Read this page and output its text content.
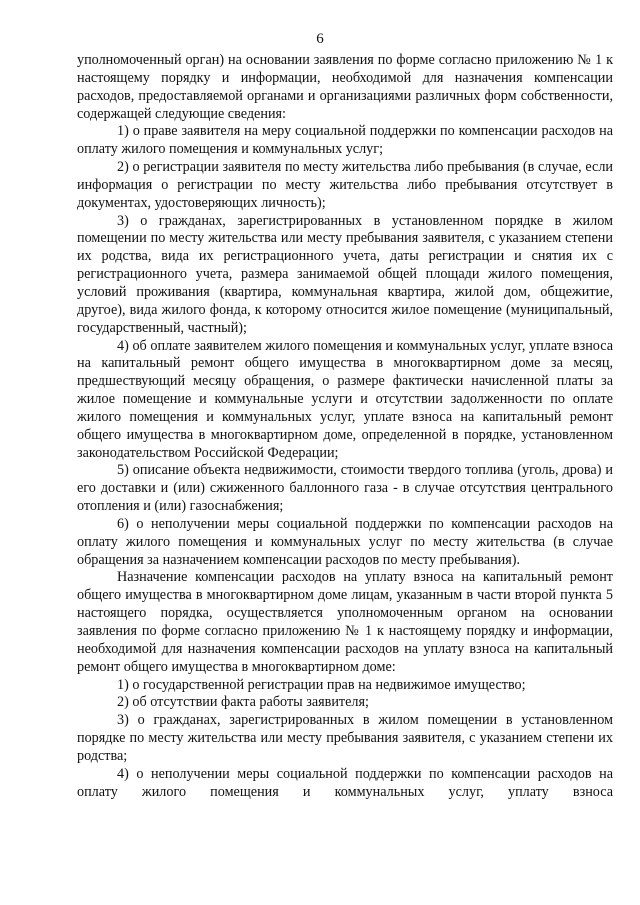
6

уполномоченный орган) на основании заявления по форме согласно приложению № 1 к настоящему порядку и информации, необходимой для назначения компенсации расходов, предоставляемой органами и организациями различных форм собственности, содержащей следующие сведения:

1) о праве заявителя на меру социальной поддержки по компенсации расходов на оплату жилого помещения и коммунальных услуг;

2) о регистрации заявителя по месту жительства либо пребывания (в случае, если информация о регистрации по месту жительства либо пребывания отсутствует в документах, удостоверяющих личность);

3) о гражданах, зарегистрированных в установленном порядке в жилом помещении по месту жительства или месту пребывания заявителя, с указанием степени их родства, вида их регистрационного учета, даты регистрации и снятия их с регистрационного учета, размера занимаемой общей площади жилого помещения, условий проживания (квартира, коммунальная квартира, жилой дом, общежитие, другое), вида жилого фонда, к которому относится жилое помещение (муниципальный, государственный, частный);

4) об оплате заявителем жилого помещения и коммунальных услуг, уплате взноса на капитальный ремонт общего имущества в многоквартирном доме за месяц, предшествующий месяцу обращения, о размере фактически начисленной платы за жилое помещение и коммунальные услуги и отсутствии задолженности по оплате жилого помещения и коммунальных услуг, уплате взноса на капитальный ремонт общего имущества в многоквартирном доме, определенной в порядке, установленном законодательством Российской Федерации;

5) описание объекта недвижимости, стоимости твердого топлива (уголь, дрова) и его доставки и (или) сжиженного баллонного газа - в случае отсутствия центрального отопления и (или) газоснабжения;

6) о неполучении меры социальной поддержки по компенсации расходов на оплату жилого помещения и коммунальных услуг по месту жительства (в случае обращения за назначением компенсации расходов по месту пребывания).

Назначение компенсации расходов на уплату взноса на капитальный ремонт общего имущества в многоквартирном доме лицам, указанным в части второй пункта 5 настоящего порядка, осуществляется уполномоченным органом на основании заявления по форме согласно приложению № 1 к настоящему порядку и информации, необходимой для назначения компенсации расходов на уплату взноса на капитальный ремонт общего имущества в многоквартирном доме:

1) о государственной регистрации прав на недвижимое имущество;

2) об отсутствии факта работы заявителя;

3) о гражданах, зарегистрированных в жилом помещении в установленном порядке по месту жительства или месту пребывания заявителя, с указанием степени их родства;

4) о неполучении меры социальной поддержки по компенсации расходов на оплату жилого помещения и коммунальных услуг, уплату взноса
